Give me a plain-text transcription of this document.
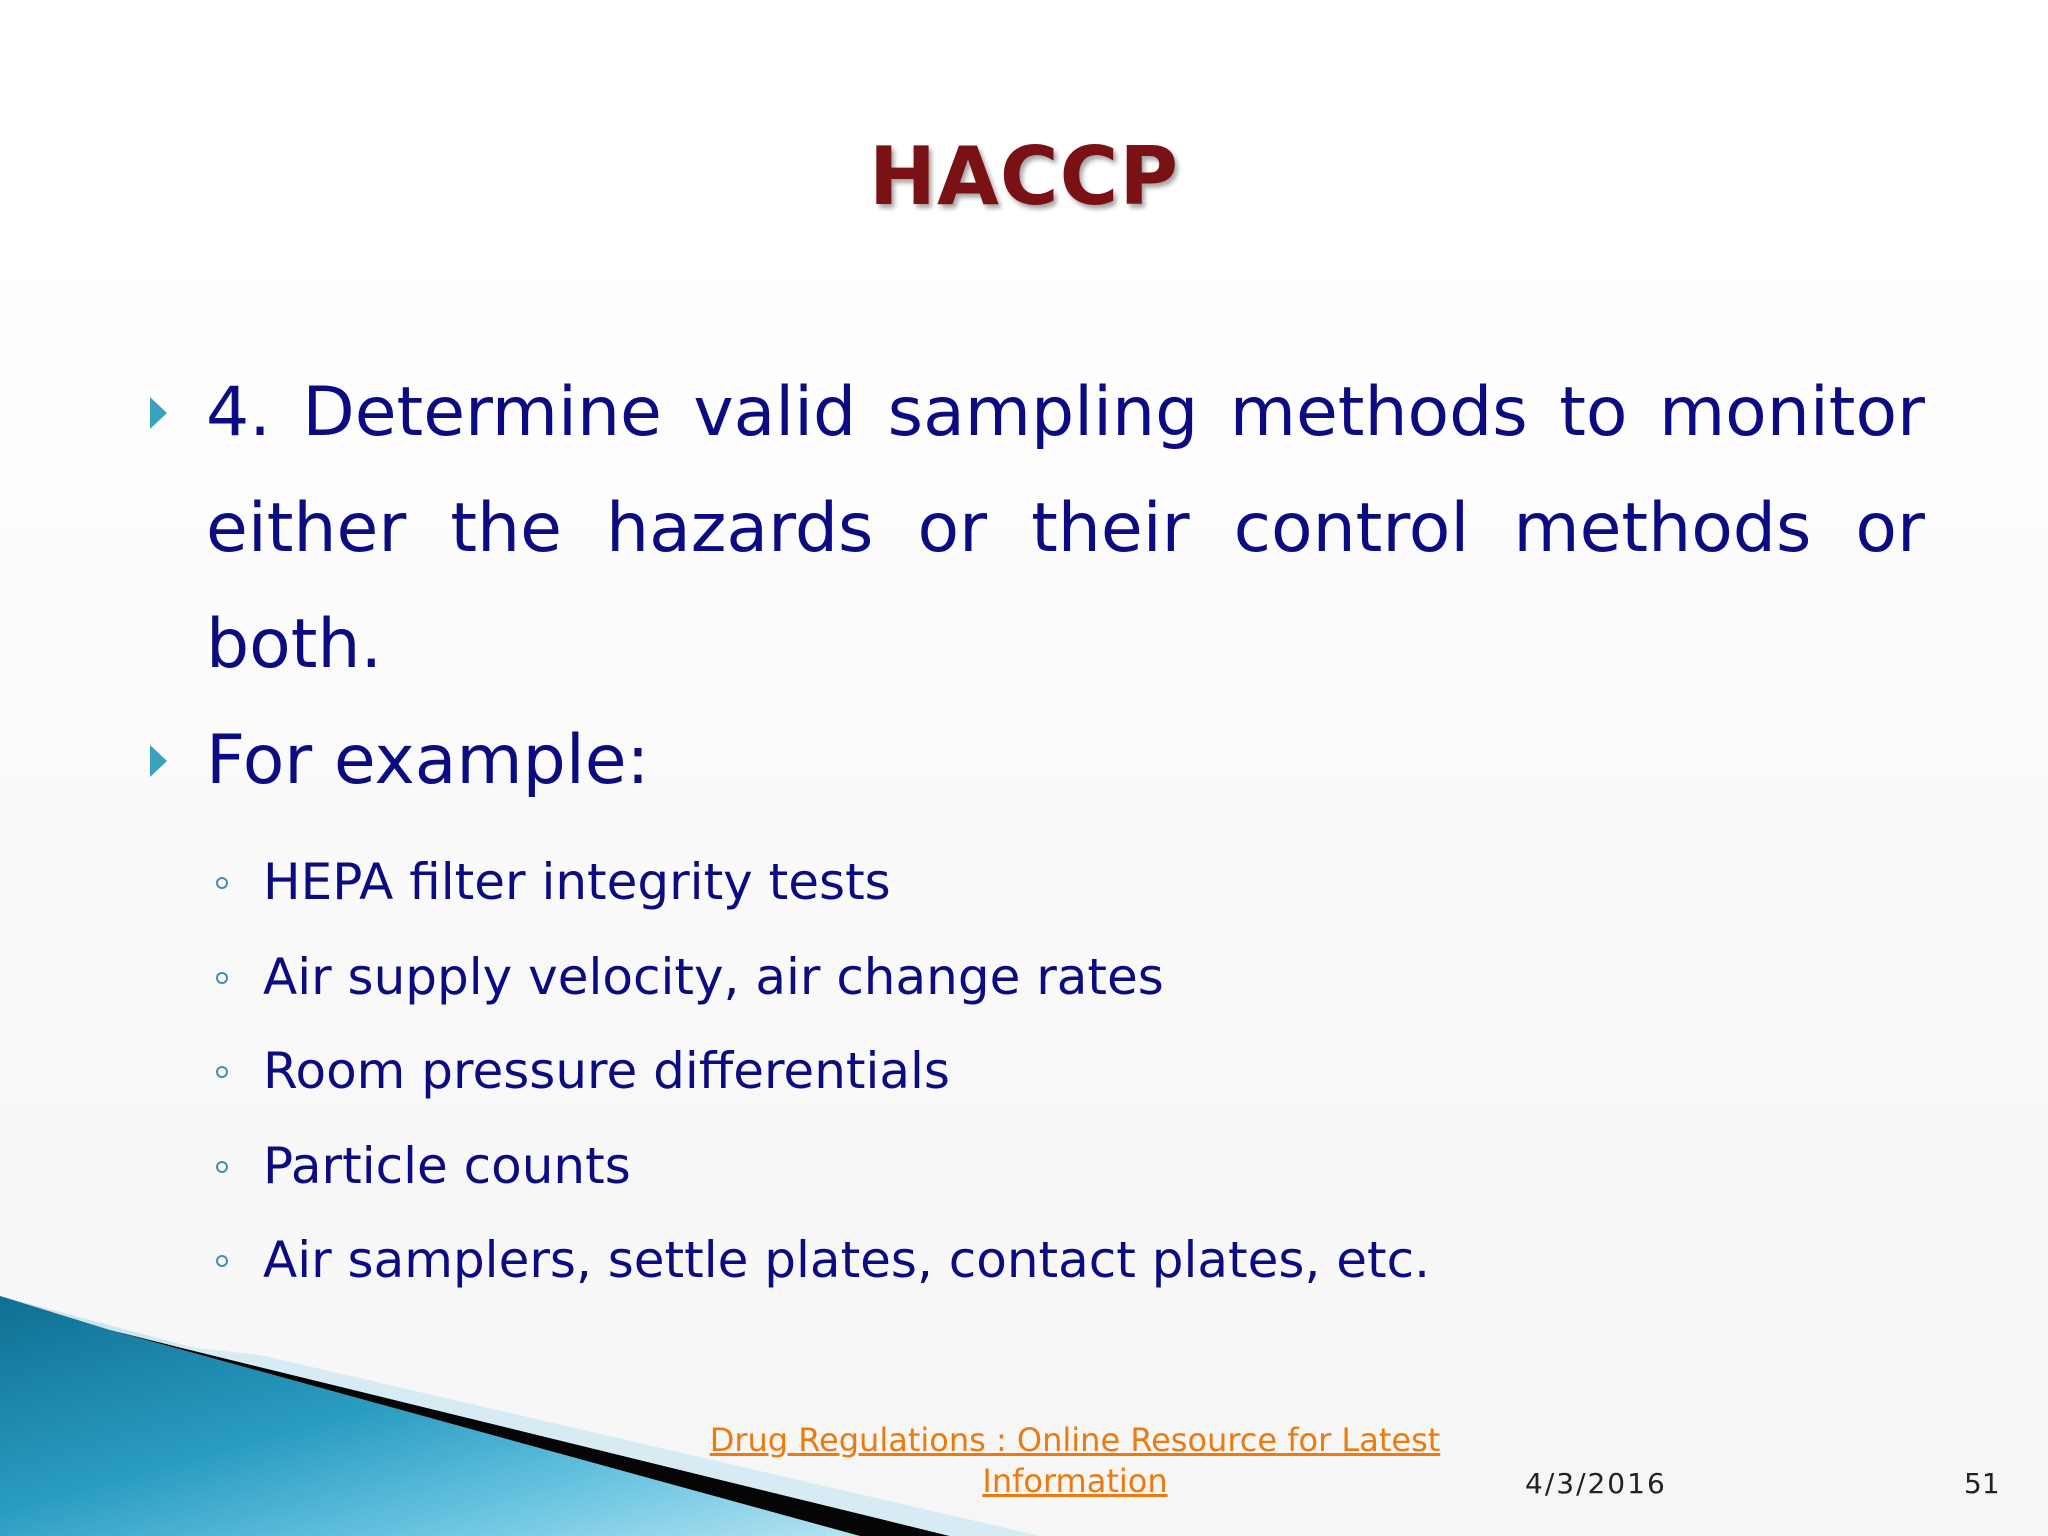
HACCP
4. Determine valid sampling methods to monitor either the hazards or their control methods or both.
For example:
HEPA filter integrity tests
Air supply velocity, air change rates
Room pressure differentials
Particle counts
Air samplers, settle plates, contact plates, etc.
Drug Regulations : Online Resource for Latest Information	4/3/2016	51
